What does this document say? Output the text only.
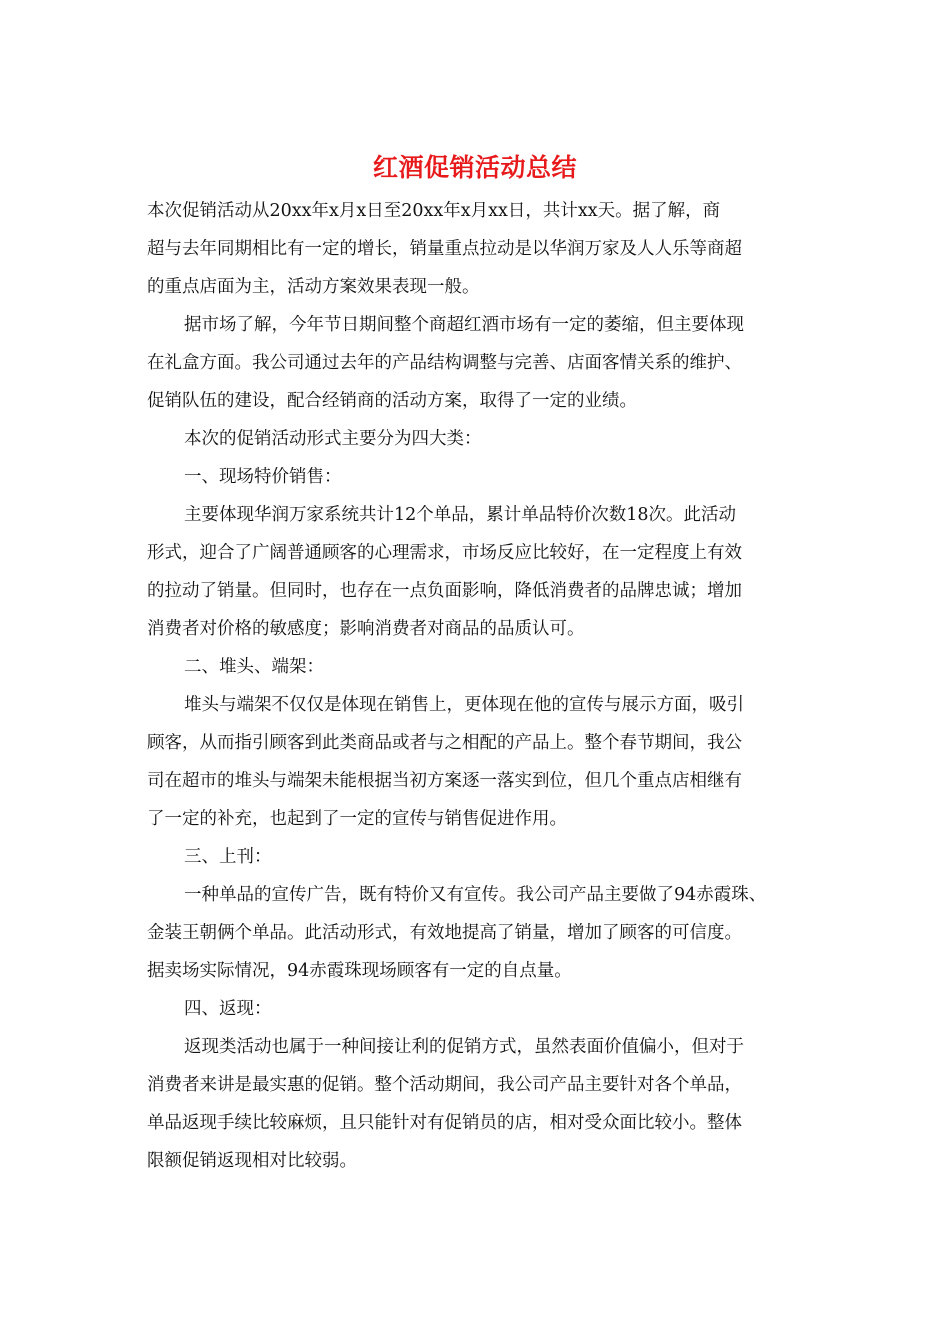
红酒促销活动总结
本次促销活动从20xx年x月x日至20xx年x月xx日，共计xx天。据了解，商
超与去年同期相比有一定的增长，销量重点拉动是以华润万家及人人乐等商超
的重点店面为主，活动方案效果表现一般。
据市场了解，今年节日期间整个商超红酒市场有一定的萎缩，但主要体现
在礼盒方面。我公司通过去年的产品结构调整与完善、店面客情关系的维护、
促销队伍的建设，配合经销商的活动方案，取得了一定的业绩。
本次的促销活动形式主要分为四大类：
一、现场特价销售：
主要体现华润万家系统共计12个单品，累计单品特价次数18次。此活动
形式，迎合了广阔普通顾客的心理需求，市场反应比较好，在一定程度上有效
的拉动了销量。但同时，也存在一点负面影响，降低消费者的品牌忠诚；增加
消费者对价格的敏感度；影响消费者对商品的品质认可。
二、堆头、端架：
堆头与端架不仅仅是体现在销售上，更体现在他的宣传与展示方面，吸引
顾客，从而指引顾客到此类商品或者与之相配的产品上。整个春节期间，我公
司在超市的堆头与端架未能根据当初方案逐一落实到位，但几个重点店相继有
了一定的补充，也起到了一定的宣传与销售促进作用。
三、上刊：
一种单品的宣传广告，既有特价又有宣传。我公司产品主要做了94赤霞珠、
金装王朝俩个单品。此活动形式，有效地提高了销量，增加了顾客的可信度。
据卖场实际情况，94赤霞珠现场顾客有一定的自点量。
四、返现：
返现类活动也属于一种间接让利的促销方式，虽然表面价值偏小，但对于
消费者来讲是最实惠的促销。整个活动期间，我公司产品主要针对各个单品，
单品返现手续比较麻烦，且只能针对有促销员的店，相对受众面比较小。整体
限额促销返现相对比较弱。
